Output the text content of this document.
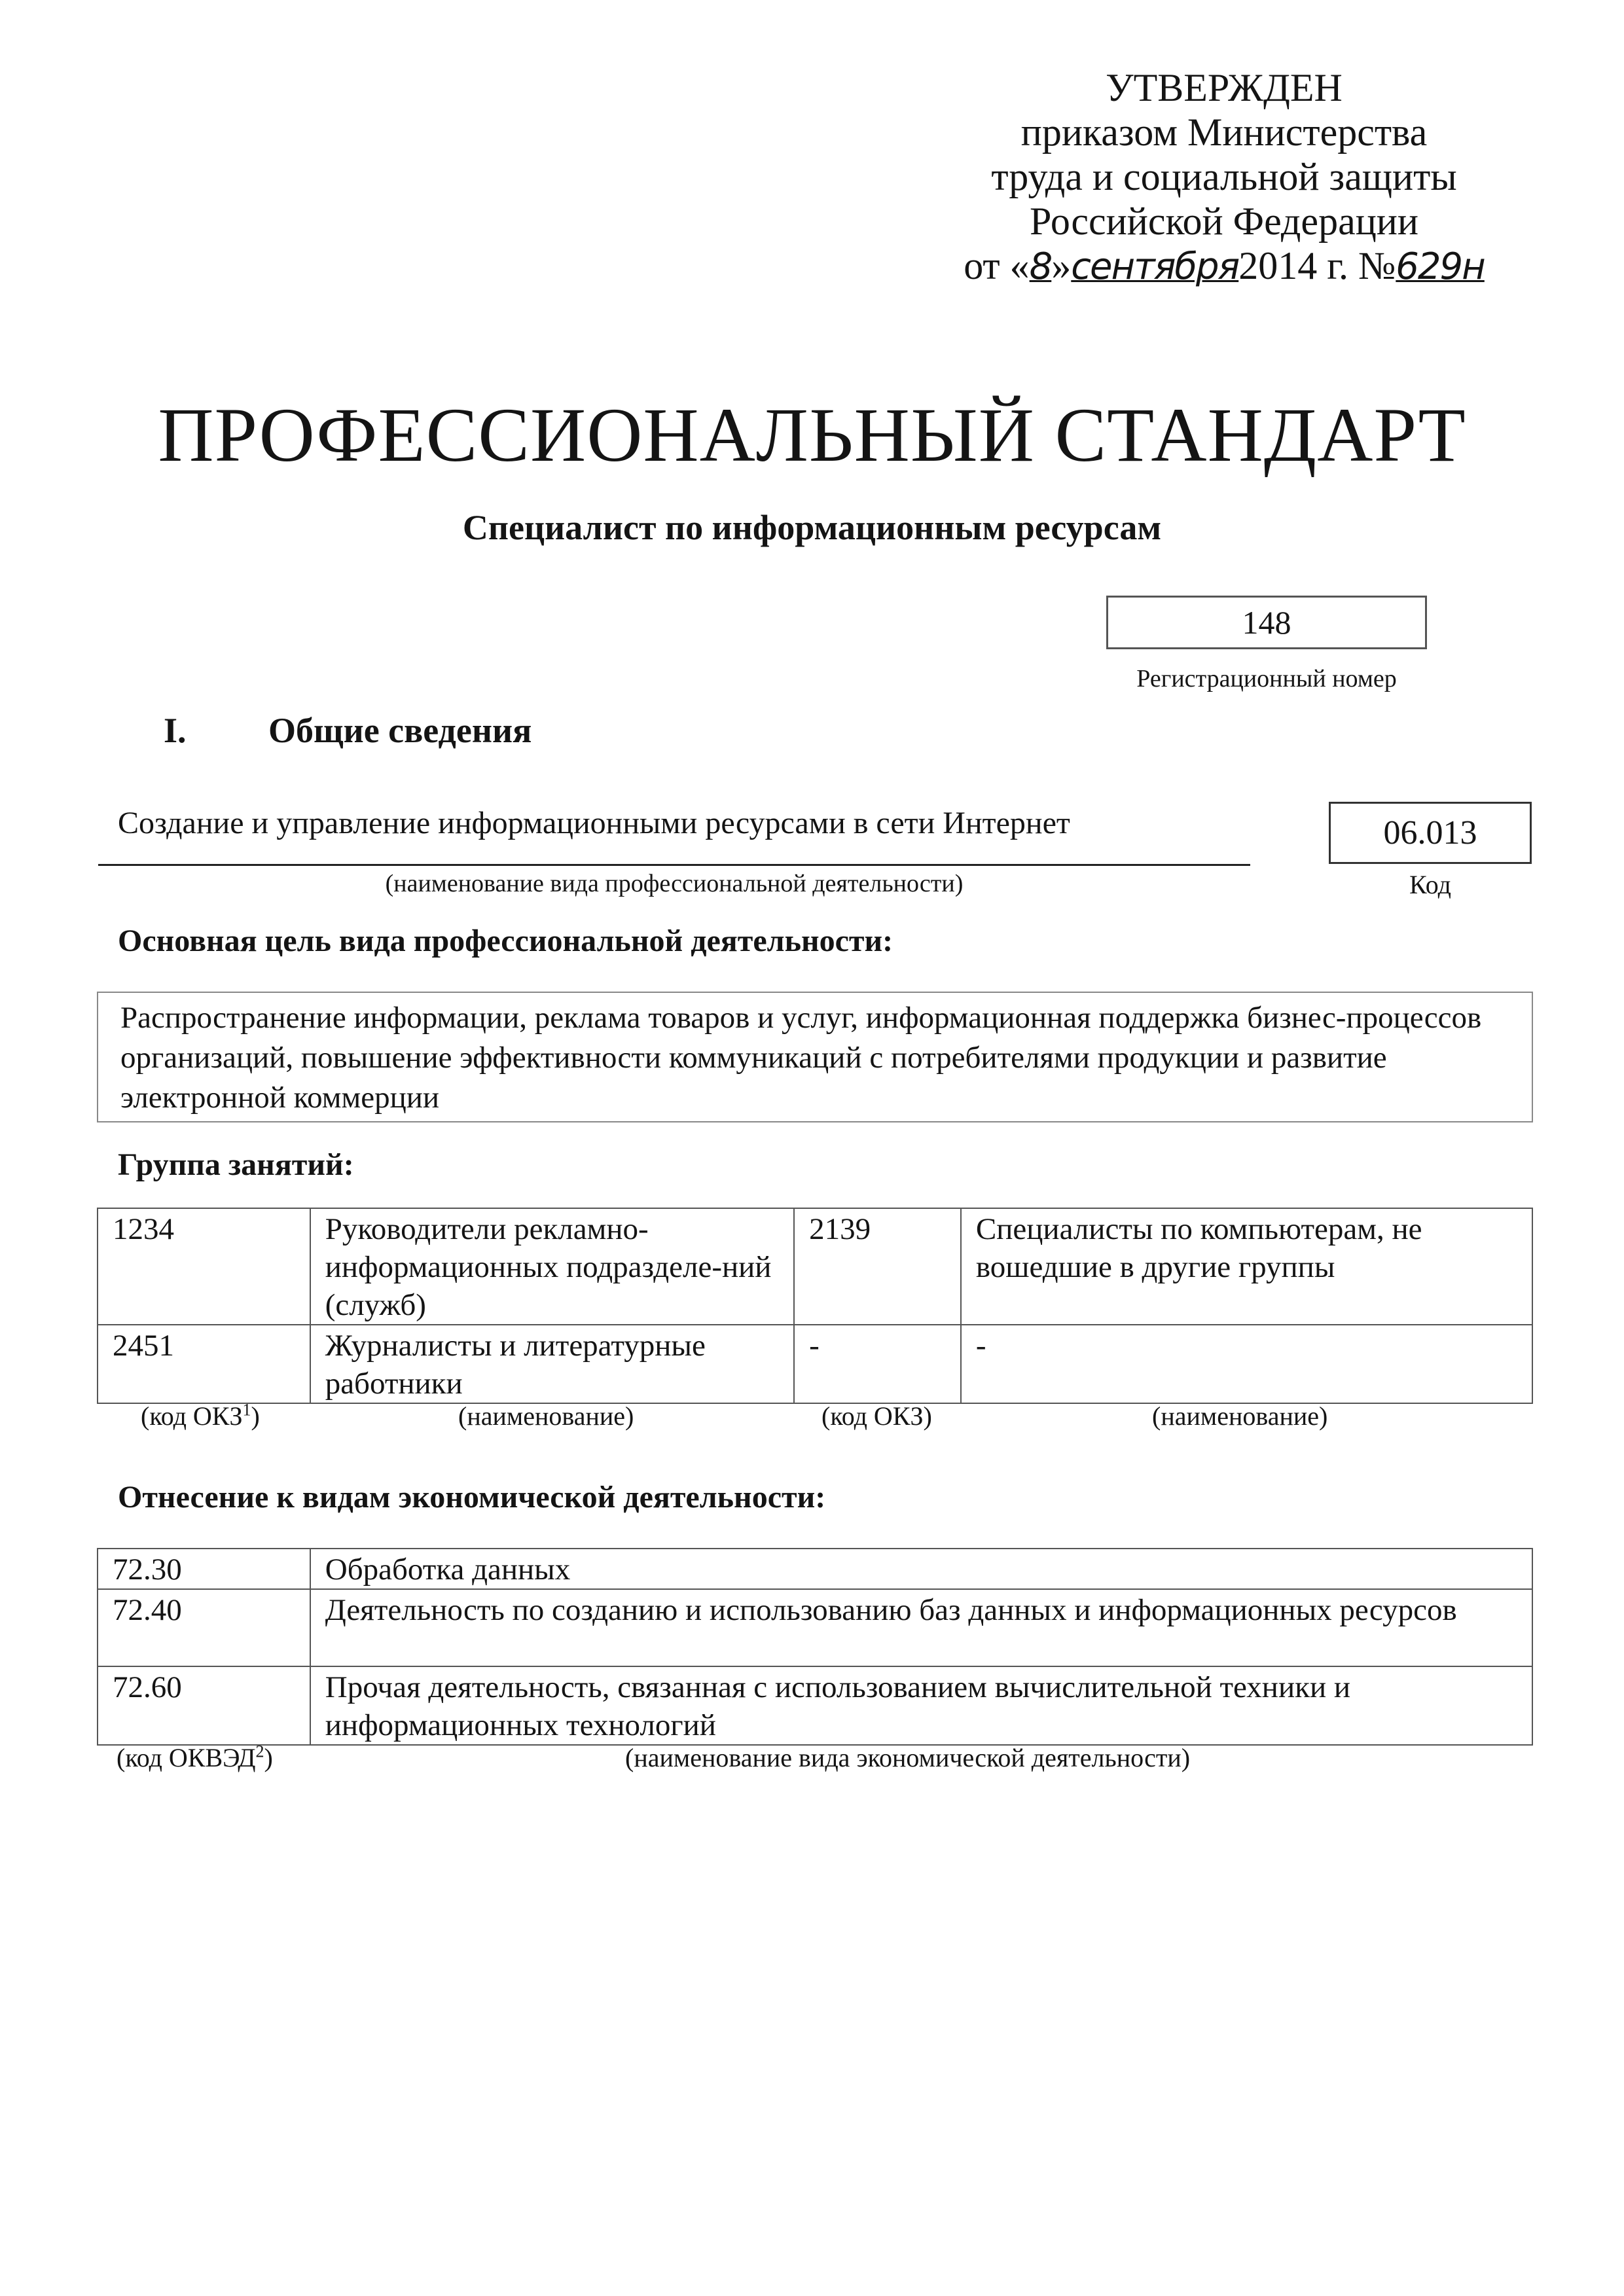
УТВЕРЖДЕН
приказом Министерства
труда и социальной защиты
Российской Федерации
от «8»сентября2014 г. №629н
ПРОФЕССИОНАЛЬНЫЙ СТАНДАРТ
Специалист по информационным ресурсам
148
Регистрационный номер
I. Общие сведения
Создание и управление информационными ресурсами в сети Интернет
(наименование вида профессиональной деятельности)
06.013
Код
Основная цель вида профессиональной деятельности:
Распространение информации, реклама товаров и услуг, информационная поддержка бизнес-процессов организаций, повышение эффективности коммуникаций с потребителями продукции и развитие электронной коммерции
Группа занятий:
1234	Руководители рекламно-информационных подразделе-ний (служб)	2139	Специалисты по компьютерам, не вошедшие в другие группы
2451	Журналисты и литературные работники	-	-
(код ОКЗ$^1$)	(наименование)	(код ОКЗ)	(наименование)
Отнесение к видам экономической деятельности:
72.30	Обработка данных
72.40	Деятельность по созданию и использованию баз данных и информационных ресурсов
72.60	Прочая деятельность, связанная с использованием вычислительной техники и информационных технологий
(код ОКВЭД$^2$)	(наименование вида экономической деятельности)
